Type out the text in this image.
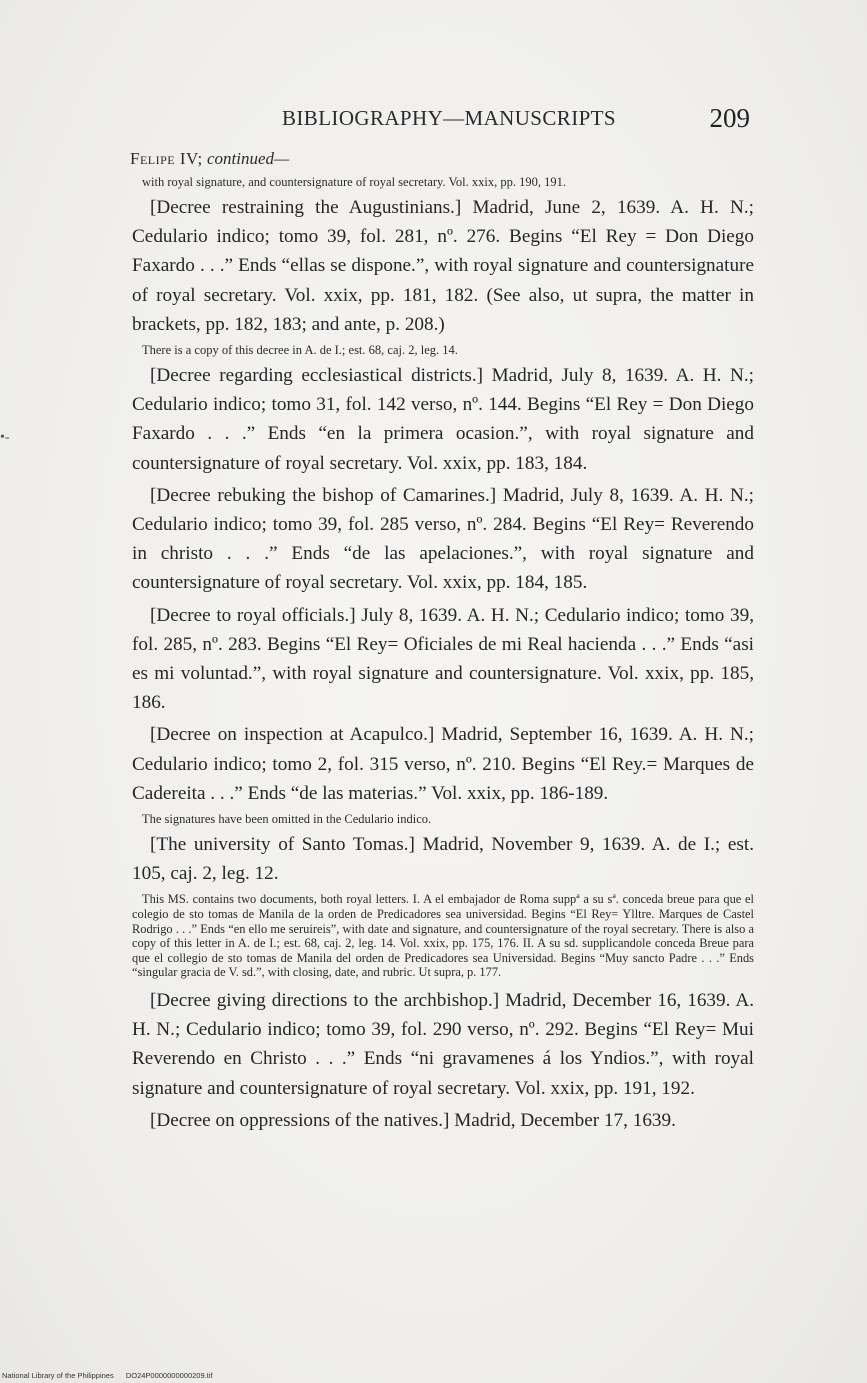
BIBLIOGRAPHY—MANUSCRIPTS	209
•-
Felipe IV; continued—

with royal signature, and countersignature of royal secretary. Vol. xxix, pp. 190, 191.

[Decree restraining the Augustinians.] Madrid, June 2, 1639. A. H. N.; Cedulario indico; tomo 39, fol. 281, nº. 276. Begins “El Rey = Don Diego Faxardo . . .” Ends “ellas se dispone.”, with royal signature and countersignature of royal secretary. Vol. xxix, pp. 181, 182. (See also, ut supra, the matter in brackets, pp. 182, 183; and ante, p. 208.)

There is a copy of this decree in A. de I.; est. 68, caj. 2, leg. 14.

[Decree regarding ecclesiastical districts.] Madrid, July 8, 1639. A. H. N.; Cedulario indico; tomo 31, fol. 142 verso, nº. 144. Begins “El Rey = Don Diego Faxardo . . .” Ends “en la primera ocasion.”, with royal signature and countersignature of royal secretary. Vol. xxix, pp. 183, 184.

[Decree rebuking the bishop of Camarines.] Madrid, July 8, 1639. A. H. N.; Cedulario indico; tomo 39, fol. 285 verso, nº. 284. Begins “El Rey= Reverendo in christo . . .” Ends “de las apelaciones.”, with royal signature and countersignature of royal secretary. Vol. xxix, pp. 184, 185.

[Decree to royal officials.] July 8, 1639. A. H. N.; Cedulario indico; tomo 39, fol. 285, nº. 283. Begins “El Rey= Oficiales de mi Real hacienda . . .” Ends “asi es mi voluntad.”, with royal signature and countersignature. Vol. xxix, pp. 185, 186.

[Decree on inspection at Acapulco.] Madrid, September 16, 1639. A. H. N.; Cedulario indico; tomo 2, fol. 315 verso, nº. 210. Begins “El Rey.= Marques de Cadereita . . .” Ends “de las materias.” Vol. xxix, pp. 186-189.

The signatures have been omitted in the Cedulario indico.

[The university of Santo Tomas.] Madrid, November 9, 1639. A. de I.; est. 105, caj. 2, leg. 12.

This MS. contains two documents, both royal letters. I. A el embajador de Roma suppª a su sª. conceda breue para que el colegio de sto tomas de Manila de la orden de Predicadores sea universidad. Begins “El Rey= Ylltre. Marques de Castel Rodrigo . . .” Ends “en ello me seruireis”, with date and signature, and countersignature of the royal secretary. There is also a copy of this letter in A. de I.; est. 68, caj. 2, leg. 14. Vol. xxix, pp. 175, 176. II. A su sd. supplicandole conceda Breue para que el collegio de sto tomas de Manila del orden de Predicadores sea Universidad. Begins “Muy sancto Padre . . .” Ends “singular gracia de V. sd.”, with closing, date, and rubric. Ut supra, p. 177.

[Decree giving directions to the archbishop.] Madrid, December 16, 1639. A. H. N.; Cedulario indico; tomo 39, fol. 290 verso, nº. 292. Begins “El Rey= Mui Reverendo en Christo . . .” Ends “ni gravamenes á los Yndios.”, with royal signature and countersignature of royal secretary. Vol. xxix, pp. 191, 192.

[Decree on oppressions of the natives.] Madrid, December 17, 1639.

National Library of the Philippines DO24P0000000000209.tif
